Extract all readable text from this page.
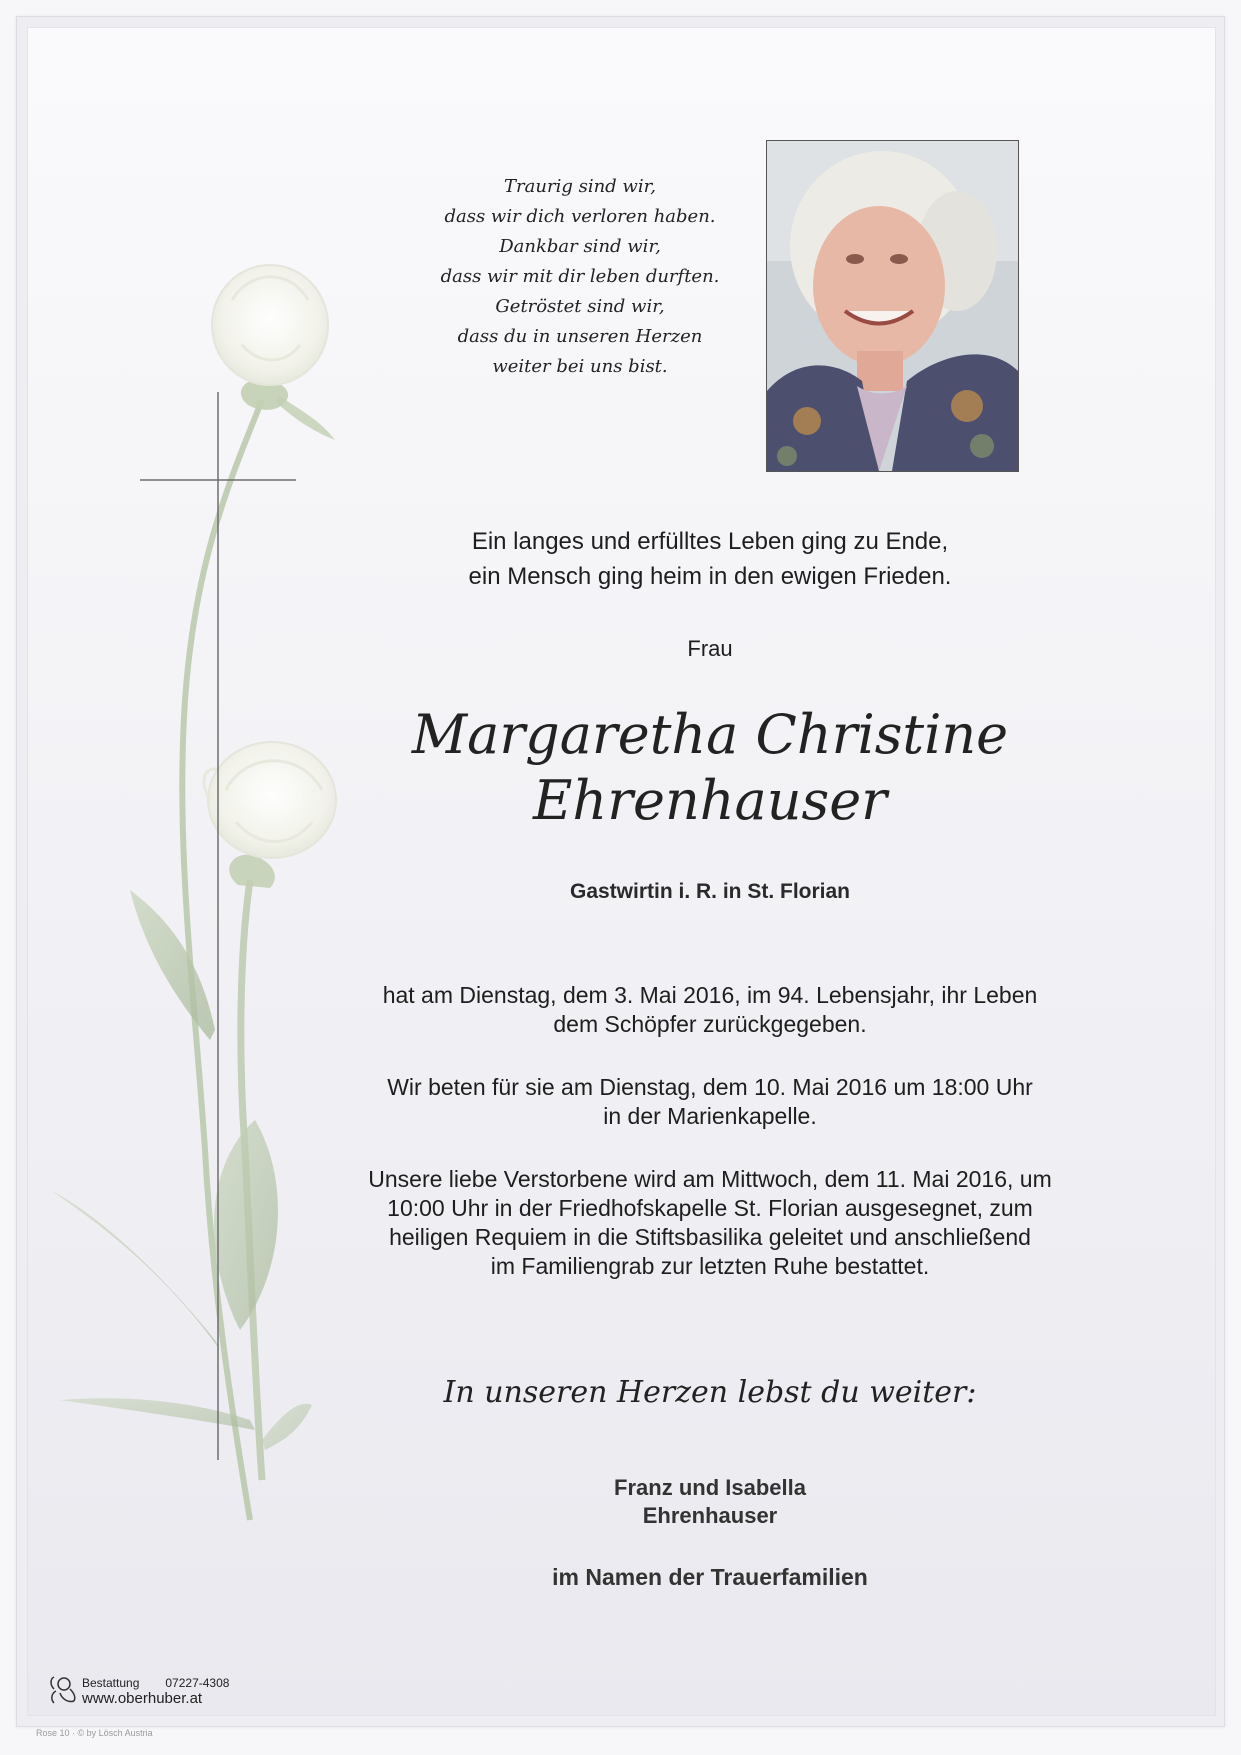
Traurig sind wir,
dass wir dich verloren haben.
Dankbar sind wir,
dass wir mit dir leben durften.
Getröstet sind wir,
dass du in unseren Herzen
weiter bei uns bist.
Ein langes und erfülltes Leben ging zu Ende,
ein Mensch ging heim in den ewigen Frieden.
Frau
Margaretha Christine
Ehrenhauser
Gastwirtin i. R. in St. Florian
hat am Dienstag, dem 3. Mai 2016, im 94. Lebensjahr, ihr Leben
dem Schöpfer zurückgegeben.
Wir beten für sie am Dienstag, dem 10. Mai 2016 um 18:00 Uhr
in der Marienkapelle.
Unsere liebe Verstorbene wird am Mittwoch, dem 11. Mai 2016, um
10:00 Uhr in der Friedhofskapelle St. Florian ausgesegnet, zum
heiligen Requiem in die Stiftsbasilika geleitet und anschließend
im Familiengrab zur letzten Ruhe bestattet.
In unseren Herzen lebst du weiter:
Franz und Isabella
Ehrenhauser
im Namen der Trauerfamilien
Bestattung 07227-4308
www.oberhuber.at
Rose 10 · © by Lösch Austria
